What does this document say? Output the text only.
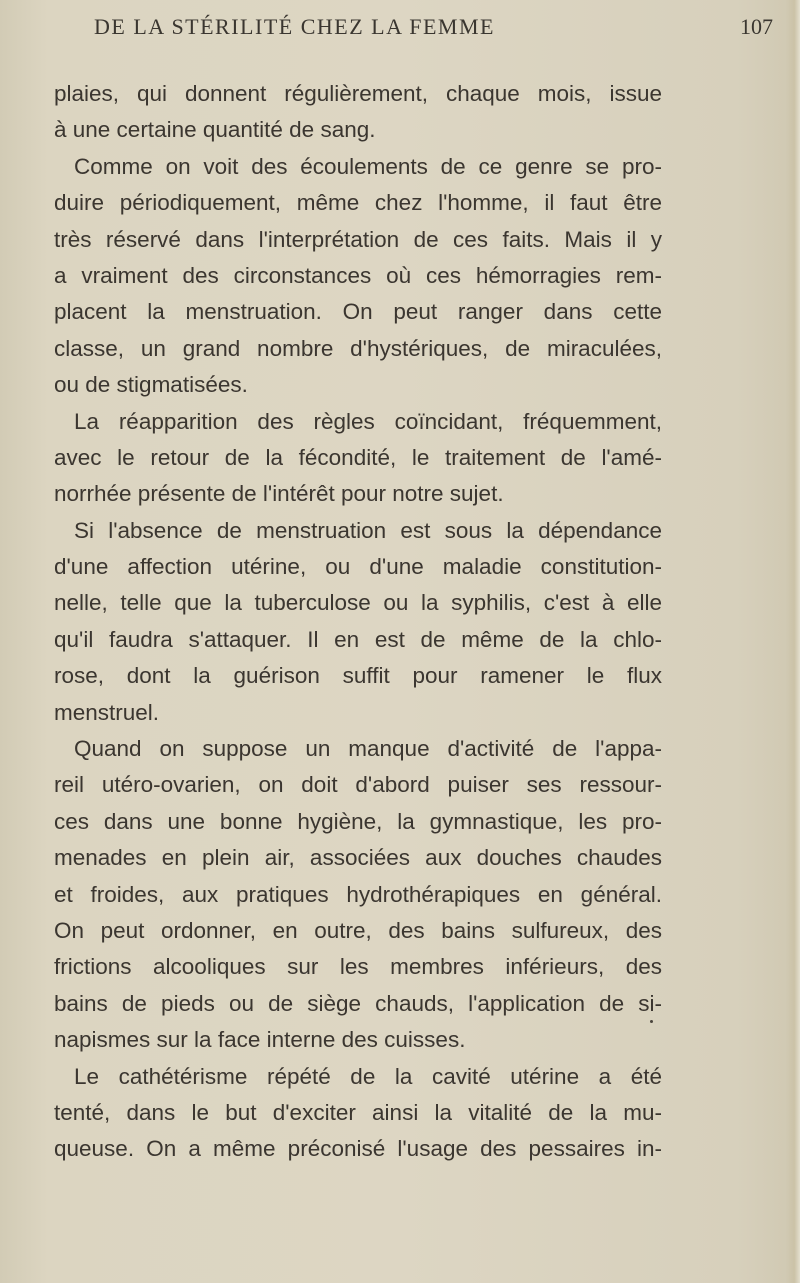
DE LA STÉRILITÉ CHEZ LA FEMME	107
plaies, qui donnent régulièrement, chaque mois, issue
à une certaine quantité de sang.
Comme on voit des écoulements de ce genre se pro-
duire périodiquement, même chez l'homme, il faut être
très réservé dans l'interprétation de ces faits. Mais il y
a vraiment des circonstances où ces hémorragies rem-
placent la menstruation. On peut ranger dans cette
classe, un grand nombre d'hystériques, de miraculées,
ou de stigmatisées.
La réapparition des règles coïncidant, fréquemment,
avec le retour de la fécondité, le traitement de l'amé-
norrhée présente de l'intérêt pour notre sujet.
Si l'absence de menstruation est sous la dépendance
d'une affection utérine, ou d'une maladie constitution-
nelle, telle que la tuberculose ou la syphilis, c'est à elle
qu'il faudra s'attaquer. Il en est de même de la chlo-
rose, dont la guérison suffit pour ramener le flux
menstruel.
Quand on suppose un manque d'activité de l'appa-
reil utéro-ovarien, on doit d'abord puiser ses ressour-
ces dans une bonne hygiène, la gymnastique, les pro-
menades en plein air, associées aux douches chaudes
et froides, aux pratiques hydrothérapiques en général.
On peut ordonner, en outre, des bains sulfureux, des
frictions alcooliques sur les membres inférieurs, des
bains de pieds ou de siège chauds, l'application de si-
napismes sur la face interne des cuisses.
Le cathétérisme répété de la cavité utérine a été
tenté, dans le but d'exciter ainsi la vitalité de la mu-
queuse. On a même préconisé l'usage des pessaires in-
